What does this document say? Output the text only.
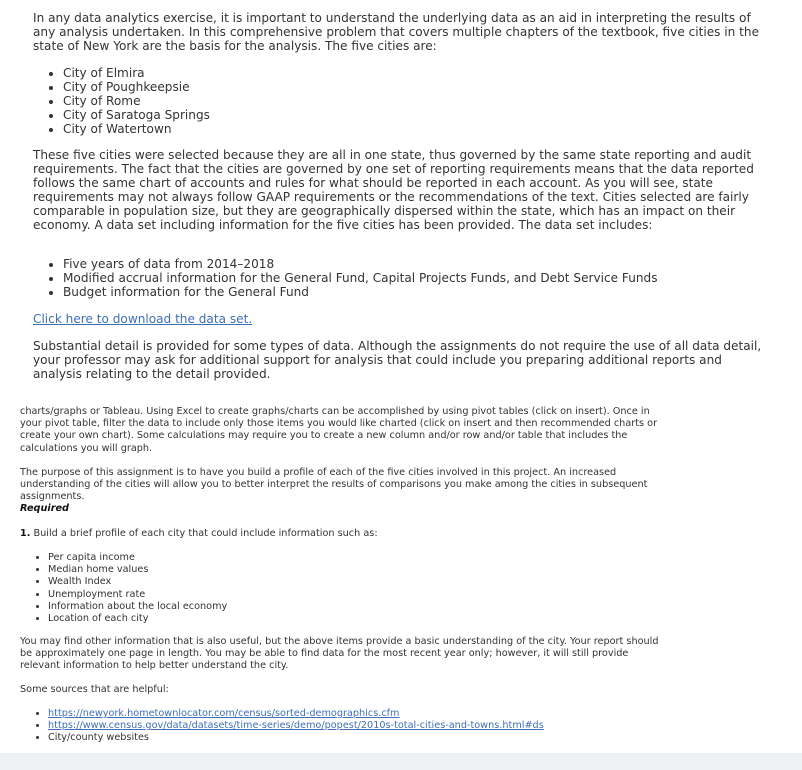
In any data analytics exercise, it is important to understand the underlying data as an aid in interpreting the results of any analysis undertaken. In this comprehensive problem that covers multiple chapters of the textbook, five cities in the state of New York are the basis for the analysis. The five cities are:

• City of Elmira
• City of Poughkeepsie
• City of Rome
• City of Saratoga Springs
• City of Watertown

These five cities were selected because they are all in one state, thus governed by the same state reporting and audit requirements. The fact that the cities are governed by one set of reporting requirements means that the data reported follows the same chart of accounts and rules for what should be reported in each account. As you will see, state requirements may not always follow GAAP requirements or the recommendations of the text. Cities selected are fairly comparable in population size, but they are geographically dispersed within the state, which has an impact on their economy. A data set including information for the five cities has been provided. The data set includes:

• Five years of data from 2014–2018
• Modified accrual information for the General Fund, Capital Projects Funds, and Debt Service Funds
• Budget information for the General Fund
Click here to download the data set.

Substantial detail is provided for some types of data. Although the assignments do not require the use of all data detail, your professor may ask for additional support for analysis that could include you preparing additional reports and analysis relating to the detail provided.

charts/graphs or Tableau. Using Excel to create graphs/charts can be accomplished by using pivot tables (click on insert). Once in your pivot table, filter the data to include only those items you would like charted (click on insert and then recommended charts or create your own chart). Some calculations may require you to create a new column and/or row and/or table that includes the calculations you will graph.

The purpose of this assignment is to have you build a profile of each of the five cities involved in this project. An increased understanding of the cities will allow you to better interpret the results of comparisons you make among the cities in subsequent assignments.

Required

1. Build a brief profile of each city that could include information such as:

• Per capita income
• Median home values
• Wealth Index
• Unemployment rate
• Information about the local economy
• Location of each city

You may find other information that is also useful, but the above items provide a basic understanding of the city. Your report should be approximately one page in length. You may be able to find data for the most recent year only; however, it will still provide relevant information to help better understand the city.

Some sources that are helpful:

• https://newyork.hometownlocator.com/census/sorted-demographics.cfm
• https://www.census.gov/data/datasets/time-series/demo/popest/2010s-total-cities-and-towns.html#ds
• City/county websites
